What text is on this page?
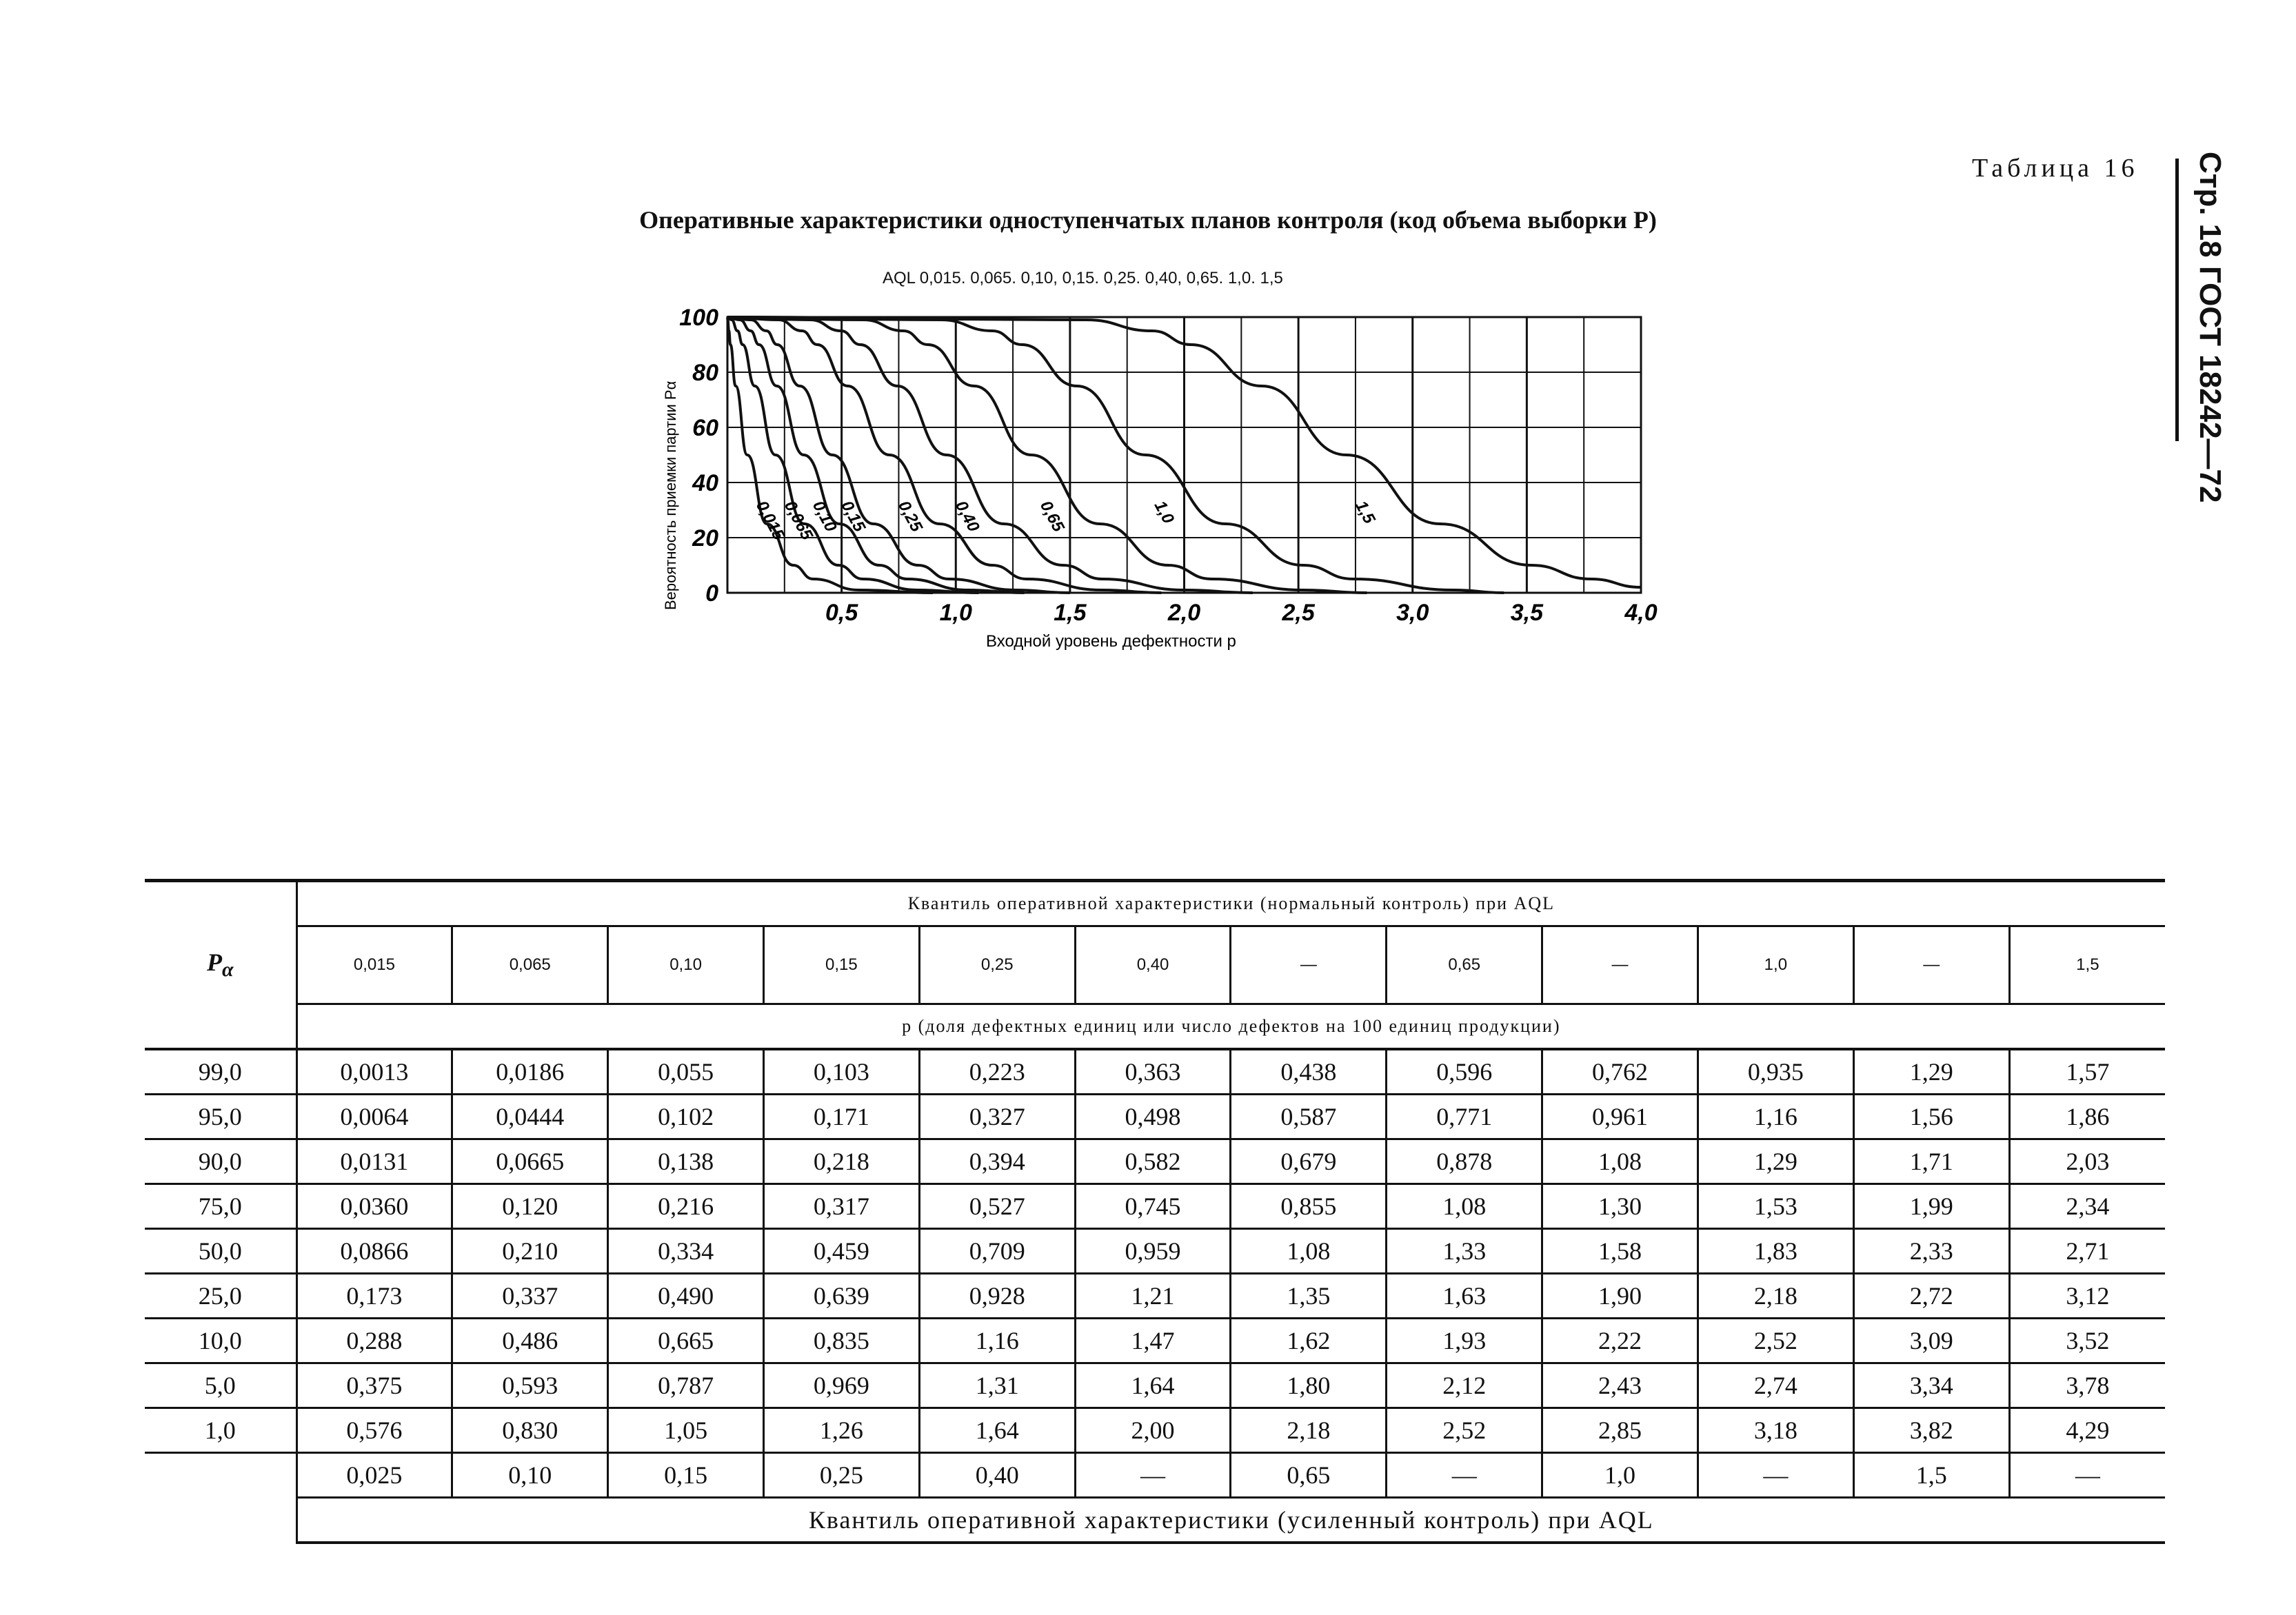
Таблица 16
Оперативные характеристики одноступенчатых планов контроля (код объема выборки Р)	Стр. 18 ГОСТ 18242—72
AQL 0,015. 0,065. 0,10, 0,15. 0,25. 0,40, 0,65. 1,0. 1,5
0,015
0,065
0,10
0,15 0,25 0,40	0,65	1,0	1,5
0,5	1,0	1,5	2,0	2,5	3,0	3,5	4,0
100
80
60
40
20
0
Вероятность приемки партии Pα
Входной уровень дефектности p
$P_\alpha$	Квантиль оперативной характеристики (нормальный контроль) при AQL											
	0,015	0,065	0,10	0,15	0,25	0,40	—	0,65	—	1,0	—	1,5
	p (доля дефектных единиц или число дефектов на 100 единиц продукции)											
99,0	0,0013	0,0186	0,055	0,103	0,223	0,363	0,438	0,596	0,762	0,935	1,29	1,57
95,0	0,0064	0,0444	0,102	0,171	0,327	0,498	0,587	0,771	0,961	1,16	1,56	1,86
90,0	0,0131	0,0665	0,138	0,218	0,394	0,582	0,679	0,878	1,08	1,29	1,71	2,03
75,0	0,0360	0,120	0,216	0,317	0,527	0,745	0,855	1,08	1,30	1,53	1,99	2,34
50,0	0,0866	0,210	0,334	0,459	0,709	0,959	1,08	1,33	1,58	1,83	2,33	2,71
25,0	0,173	0,337	0,490	0,639	0,928	1,21	1,35	1,63	1,90	2,18	2,72	3,12
10,0	0,288	0,486	0,665	0,835	1,16	1,47	1,62	1,93	2,22	2,52	3,09	3,52
5,0	0,375	0,593	0,787	0,969	1,31	1,64	1,80	2,12	2,43	2,74	3,34	3,78
1,0	0,576	0,830	1,05	1,26	1,64	2,00	2,18	2,52	2,85	3,18	3,82	4,29
	0,025	0,10	0,15	0,25	0,40	—	0,65	—	1,0	—	1,5	—
	Квантиль оперативной характеристики (усиленный контроль) при AQL											
